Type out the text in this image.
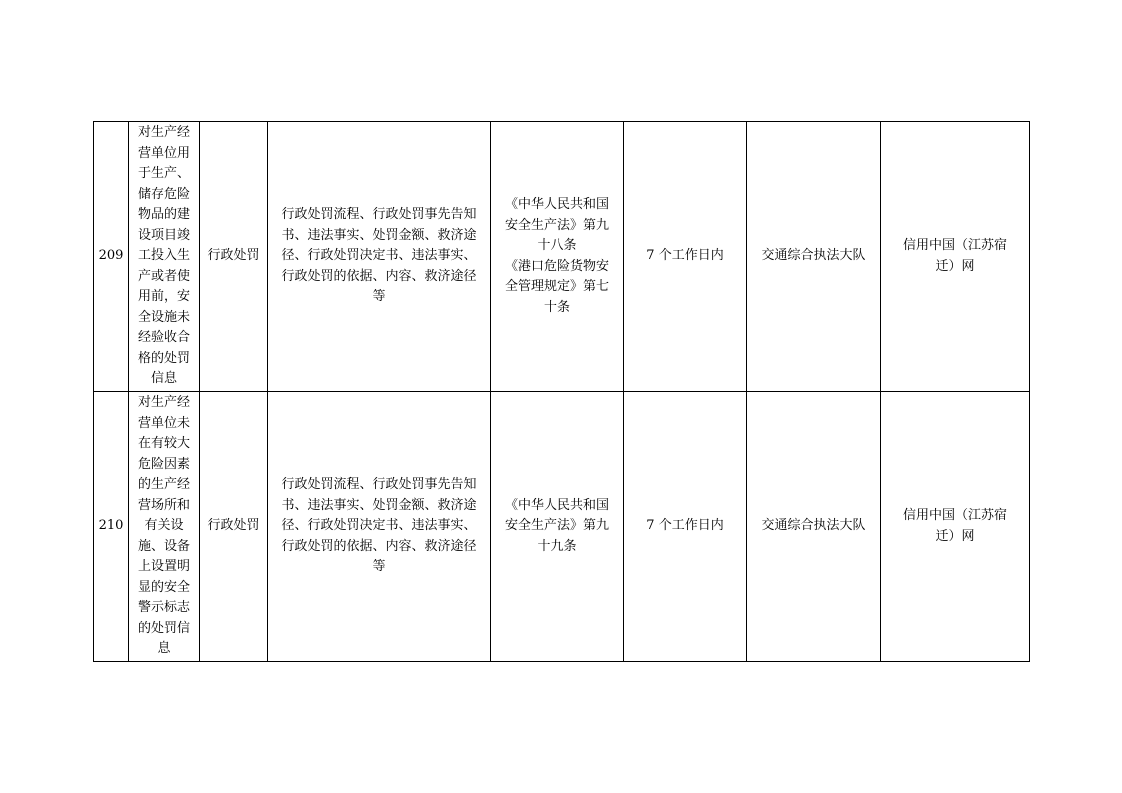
209	对生产经营单位用于生产、储存危险物品的建设项目竣工投入生产或者使用前，安全设施未经验收合格的处罚信息	行政处罚	行政处罚流程、行政处罚事先告知书、违法事实、处罚金额、救济途径、行政处罚决定书、违法事实、行政处罚的依据、内容、救济途径等	《中华人民共和国安全生产法》第九十八条
《港口危险货物安全管理规定》第七十条	7 个工作日内	交通综合执法大队	信用中国（江苏宿迁）网
210	对生产经营单位未在有较大危险因素的生产经营场所和有关设施、设备上设置明显的安全警示标志的处罚信息	行政处罚	行政处罚流程、行政处罚事先告知书、违法事实、处罚金额、救济途径、行政处罚决定书、违法事实、行政处罚的依据、内容、救济途径等	《中华人民共和国安全生产法》第九十九条	7 个工作日内	交通综合执法大队	信用中国（江苏宿迁）网
